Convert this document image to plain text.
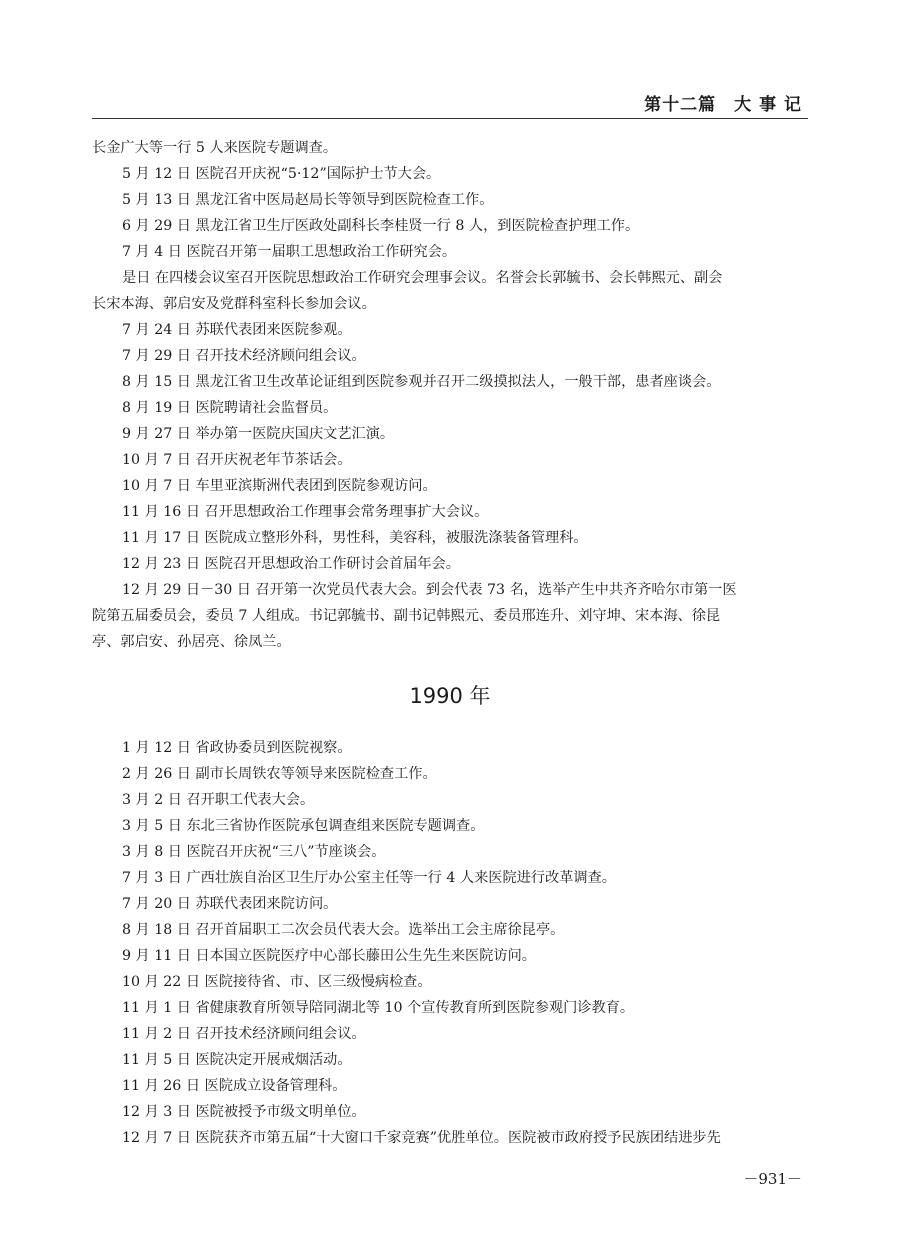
第十二篇　大 事 记
长金广大等一行 5 人来医院专题调查。
5 月 12 日 医院召开庆祝“5·12”国际护士节大会。
5 月 13 日 黑龙江省中医局赵局长等领导到医院检查工作。
6 月 29 日 黑龙江省卫生厅医政处副科长李桂贤一行 8 人，到医院检查护理工作。
7 月 4 日 医院召开第一届职工思想政治工作研究会。
是日 在四楼会议室召开医院思想政治工作研究会理事会议。名誉会长郭毓书、会长韩熙元、副会
长宋本海、郭启安及党群科室科长参加会议。
7 月 24 日 苏联代表团来医院参观。
7 月 29 日 召开技术经济顾问组会议。
8 月 15 日 黑龙江省卫生改革论证组到医院参观并召开二级摸拟法人，一般干部，患者座谈会。
8 月 19 日 医院聘请社会监督员。
9 月 27 日 举办第一医院庆国庆文艺汇演。
10 月 7 日 召开庆祝老年节茶话会。
10 月 7 日 车里亚滨斯洲代表团到医院参观访问。
11 月 16 日 召开思想政治工作理事会常务理事扩大会议。
11 月 17 日 医院成立整形外科，男性科，美容科，被服洗涤装备管理科。
12 月 23 日 医院召开思想政治工作研讨会首届年会。
12 月 29 日－30 日 召开第一次党员代表大会。到会代表 73 名，选举产生中共齐齐哈尔市第一医
院第五届委员会，委员 7 人组成。书记郭毓书、副书记韩熙元、委员邢连升、刘守坤、宋本海、徐昆
亭、郭启安、孙居亮、徐凤兰。
1990 年
1 月 12 日 省政协委员到医院视察。
2 月 26 日 副市长周铁农等领导来医院检查工作。
3 月 2 日 召开职工代表大会。
3 月 5 日 东北三省协作医院承包调查组来医院专题调查。
3 月 8 日 医院召开庆祝“三八”节座谈会。
7 月 3 日 广西壮族自治区卫生厅办公室主任等一行 4 人来医院进行改革调查。
7 月 20 日 苏联代表团来院访问。
8 月 18 日 召开首届职工二次会员代表大会。选举出工会主席徐昆亭。
9 月 11 日 日本国立医院医疗中心部长藤田公生先生来医院访问。
10 月 22 日 医院接待省、市、区三级慢病检查。
11 月 1 日 省健康教育所领导陪同湖北等 10 个宣传教育所到医院参观门诊教育。
11 月 2 日 召开技术经济顾问组会议。
11 月 5 日 医院决定开展戒烟活动。
11 月 26 日 医院成立设备管理科。
12 月 3 日 医院被授予市级文明单位。
12 月 7 日 医院获齐市第五届“十大窗口千家竞赛”优胜单位。医院被市政府授予民族团结进步先
－931－
